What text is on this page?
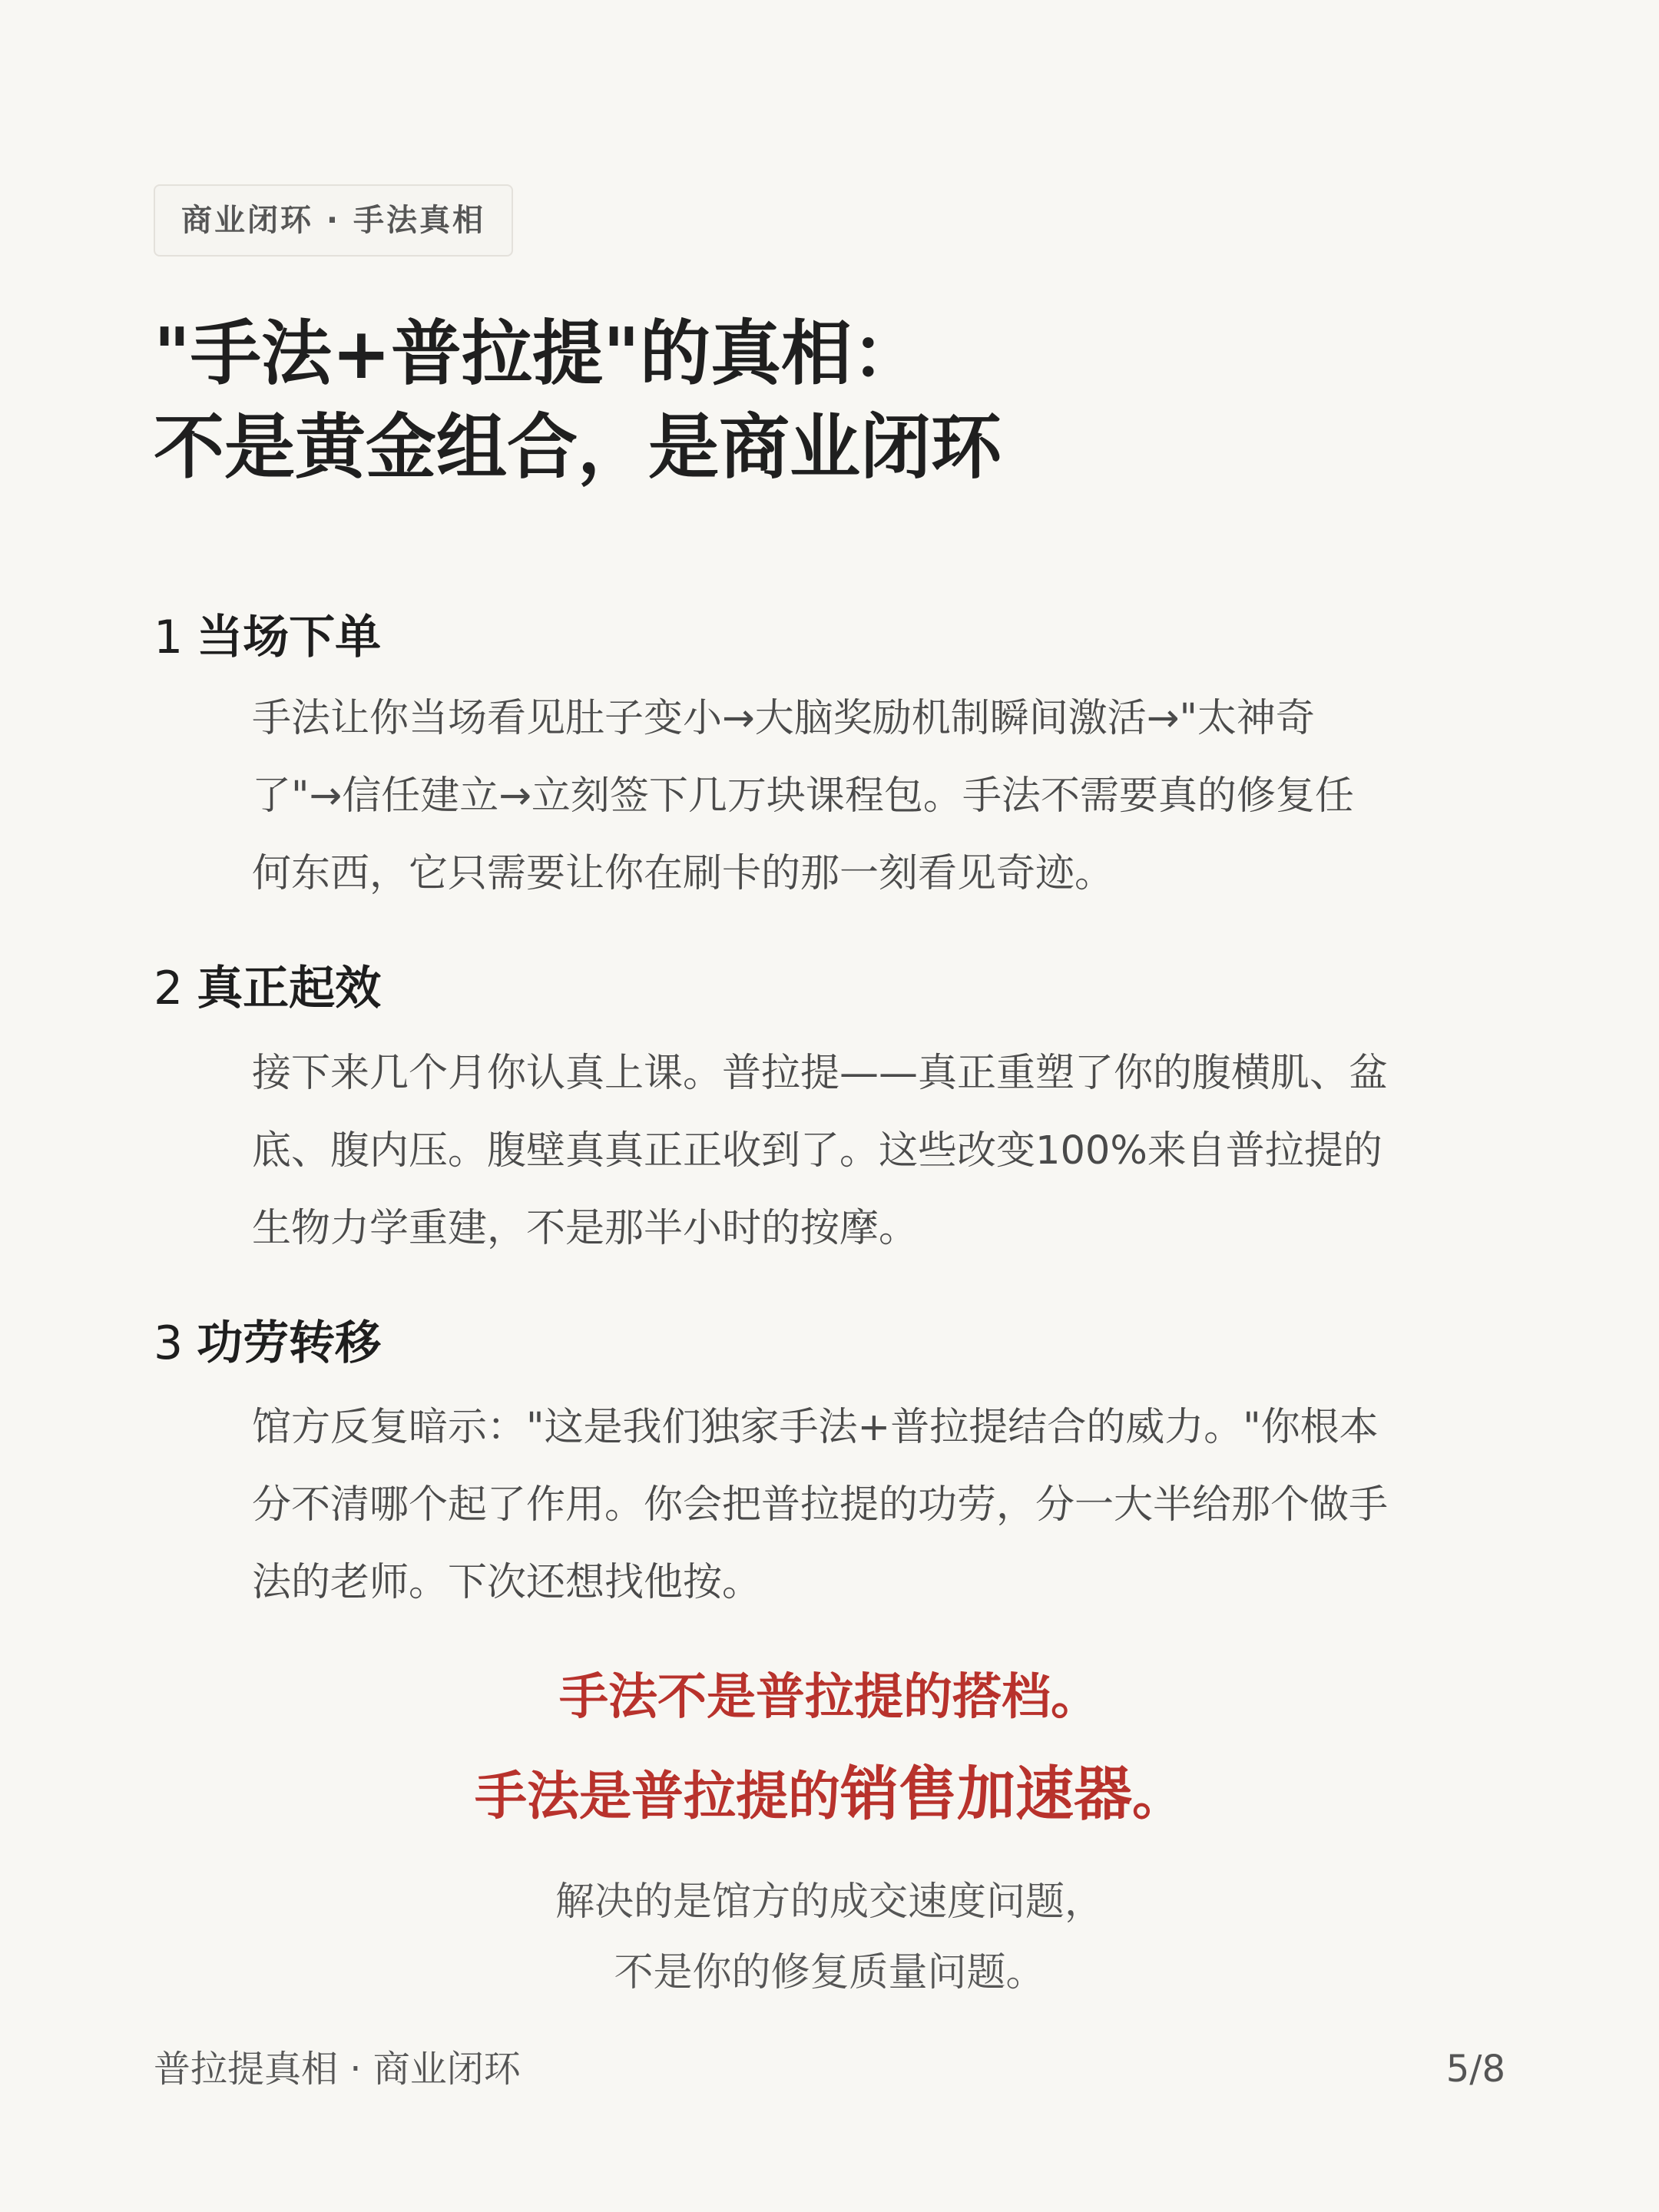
商业闭环 · 手法真相
"手法+普拉提"的真相：
不是黄金组合，是商业闭环
1 当场下单

手法让你当场看见肚子变小→大脑奖励机制瞬间激活→"太神奇
了"→信任建立→立刻签下几万块课程包。手法不需要真的修复任
何东西，它只需要让你在刷卡的那一刻看见奇迹。

2 真正起效

接下来几个月你认真上课。普拉提——真正重塑了你的腹横肌、盆
底、腹内压。腹壁真真正正收到了。这些改变100%来自普拉提的
生物力学重建，不是那半小时的按摩。

3 功劳转移

馆方反复暗示："这是我们独家手法+普拉提结合的威力。"你根本
分不清哪个起了作用。你会把普拉提的功劳，分一大半给那个做手
法的老师。下次还想找他按。

手法不是普拉提的搭档。
手法是普拉提的销售加速器。
解决的是馆方的成交速度问题，
不是你的修复质量问题。
普拉提真相 · 商业闭环	5/8
